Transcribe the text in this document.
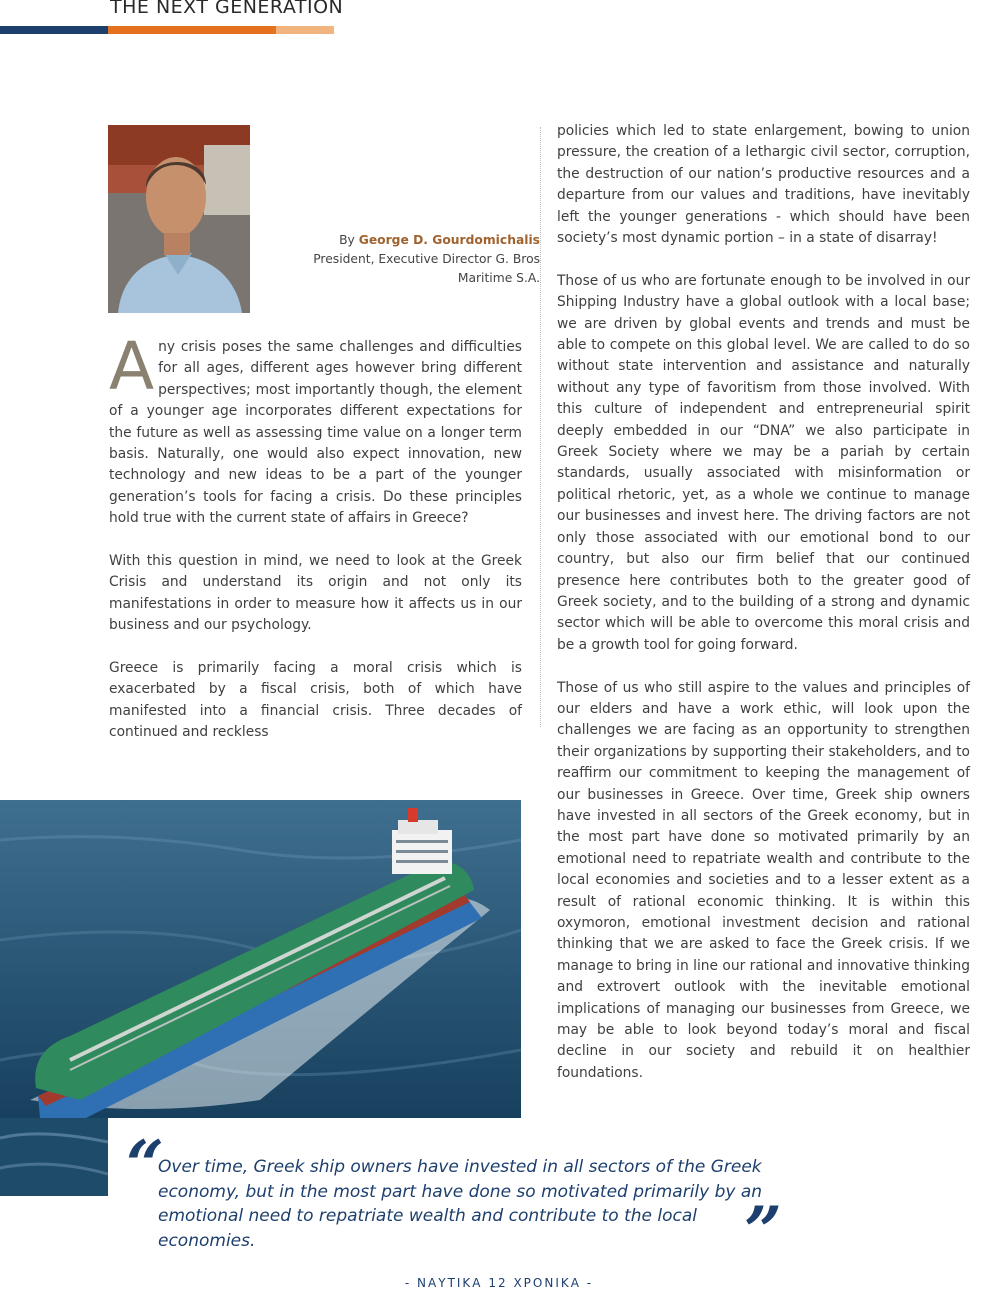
THE NEXT GENERATION
By George D. Gourdomichalis
President, Executive Director G. Bros
Maritime S.A.

Any crisis poses the same challenges and difficulties for all ages, different ages however bring different perspectives; most importantly though, the element of a younger age incorporates different expectations for the future as well as assessing time value on a longer term basis. Naturally, one would also expect innovation, new technology and new ideas to be a part of the younger generation’s tools for facing a crisis. Do these principles hold true with the current state of affairs in Greece?

With this question in mind, we need to look at the Greek Crisis and understand its origin and not only its manifestations in order to measure how it affects us in our business and our psychology.

Greece is primarily facing a moral crisis which is exacerbated by a fiscal crisis, both of which have manifested into a financial crisis. Three decades of continued and reckless

policies which led to state enlargement, bowing to union pressure, the creation of a lethargic civil sector, corruption, the destruction of our nation’s productive resources and a departure from our values and traditions, have inevitably left the younger generations - which should have been society’s most dynamic portion – in a state of disarray!

Those of us who are fortunate enough to be involved in our Shipping Industry have a global outlook with a local base; we are driven by global events and trends and must be able to compete on this global level. We are called to do so without state intervention and assistance and naturally without any type of favoritism from those involved. With this culture of independent and entrepreneurial spirit deeply embedded in our “DNA” we also participate in Greek Society where we may be a pariah by certain standards, usually associated with misinformation or political rhetoric, yet, as a whole we continue to manage our businesses and invest here. The driving factors are not only those associated with our emotional bond to our country, but also our firm belief that our continued presence here contributes both to the greater good of Greek society, and to the building of a strong and dynamic sector which will be able to overcome this moral crisis and be a growth tool for going forward.

Those of us who still aspire to the values and principles of our elders and have a work ethic, will look upon the challenges we are facing as an opportunity to strengthen their organizations by supporting their stakeholders, and to reaffirm our commitment to keeping the management of our businesses in Greece. Over time, Greek ship owners have invested in all sectors of the Greek economy, but in the most part have done so motivated primarily by an emotional need to repatriate wealth and contribute to the local economies and societies and to a lesser extent as a result of rational economic thinking. It is within this oxymoron, emotional investment decision and rational thinking that we are asked to face the Greek crisis. If we manage to bring in line our rational and innovative thinking and extrovert outlook with the inevitable emotional implications of managing our businesses from Greece, we may be able to look beyond today’s moral and fiscal decline in our society and rebuild it on healthier foundations.

“
Over time, Greek ship owners have invested in all sectors of the Greek economy, but in the most part have done so motivated primarily by an emotional need to repatriate wealth and contribute to the local economies.	”
- ΝΑΥΤΙΚΑ 12 ΧΡΟΝΙΚΑ -
